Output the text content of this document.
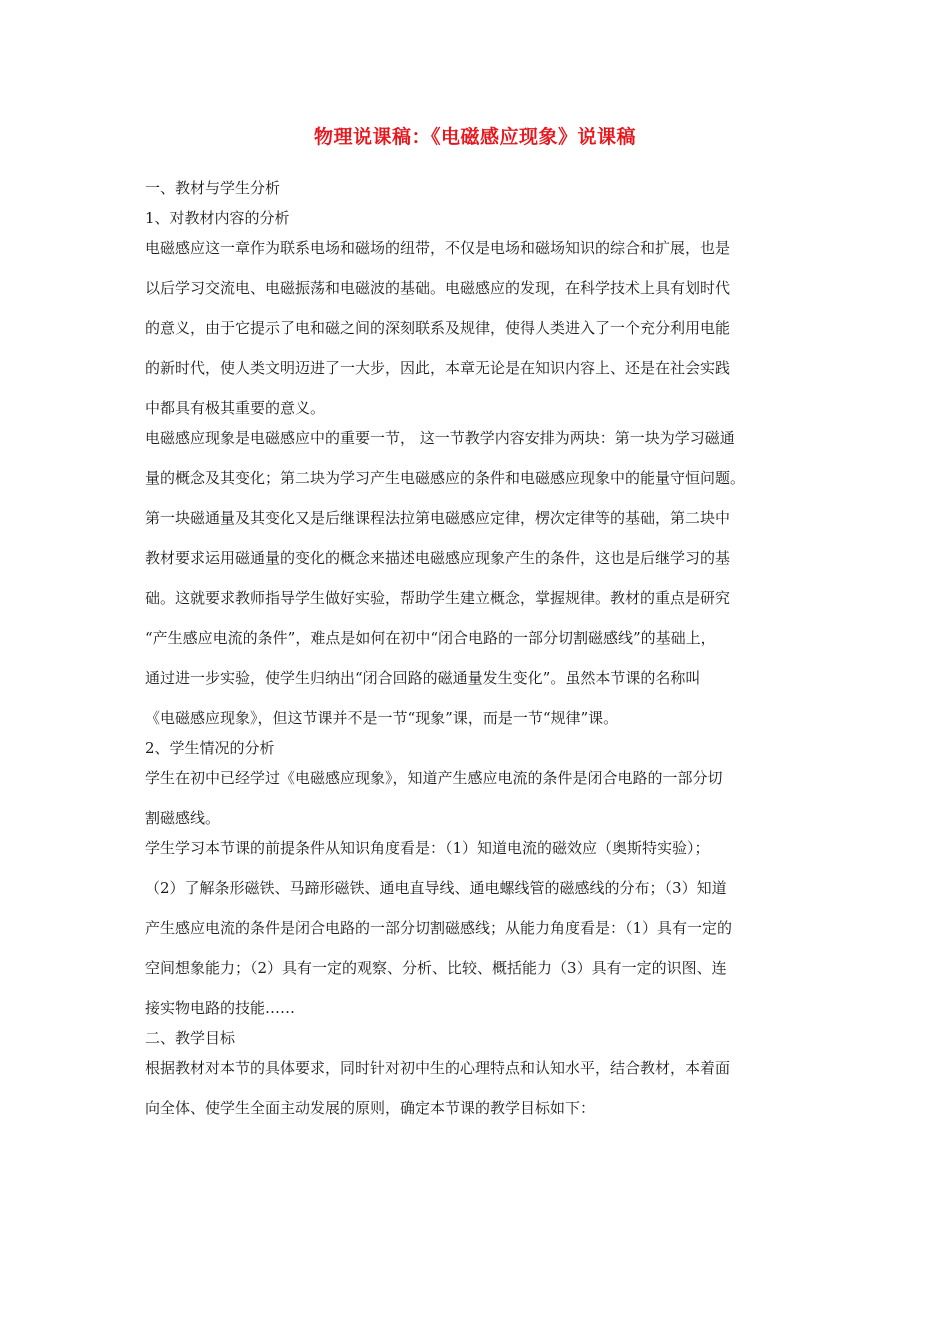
物理说课稿：《电磁感应现象》说课稿
一、教材与学生分析
1、对教材内容的分析
电磁感应这一章作为联系电场和磁场的纽带，不仅是电场和磁场知识的综合和扩展，也是
以后学习交流电、电磁振荡和电磁波的基础。电磁感应的发现，在科学技术上具有划时代
的意义，由于它提示了电和磁之间的深刻联系及规律，使得人类进入了一个充分利用电能
的新时代，使人类文明迈进了一大步，因此，本章无论是在知识内容上、还是在社会实践
中都具有极其重要的意义。
电磁感应现象是电磁感应中的重要一节， 这一节教学内容安排为两块：第一块为学习磁通
量的概念及其变化；第二块为学习产生电磁感应的条件和电磁感应现象中的能量守恒问题。
第一块磁通量及其变化又是后继课程法拉第电磁感应定律，楞次定律等的基础，第二块中
教材要求运用磁通量的变化的概念来描述电磁感应现象产生的条件，这也是后继学习的基
础。这就要求教师指导学生做好实验，帮助学生建立概念，掌握规律。教材的重点是研究
“产生感应电流的条件”，难点是如何在初中“闭合电路的一部分切割磁感线”的基础上，
通过进一步实验，使学生归纳出“闭合回路的磁通量发生变化”。虽然本节课的名称叫
《电磁感应现象》，但这节课并不是一节“现象”课，而是一节“规律”课。
2、学生情况的分析
学生在初中已经学过《电磁感应现象》，知道产生感应电流的条件是闭合电路的一部分切
割磁感线。
学生学习本节课的前提条件从知识角度看是：（1）知道电流的磁效应（奥斯特实验）；
（2）了解条形磁铁、马蹄形磁铁、通电直导线、通电螺线管的磁感线的分布；（3）知道
产生感应电流的条件是闭合电路的一部分切割磁感线；从能力角度看是：（1）具有一定的
空间想象能力；（2）具有一定的观察、分析、比较、概括能力（3）具有一定的识图、连
接实物电路的技能……
二、教学目标
根据教材对本节的具体要求，同时针对初中生的心理特点和认知水平，结合教材，本着面
向全体、使学生全面主动发展的原则，确定本节课的教学目标如下：
